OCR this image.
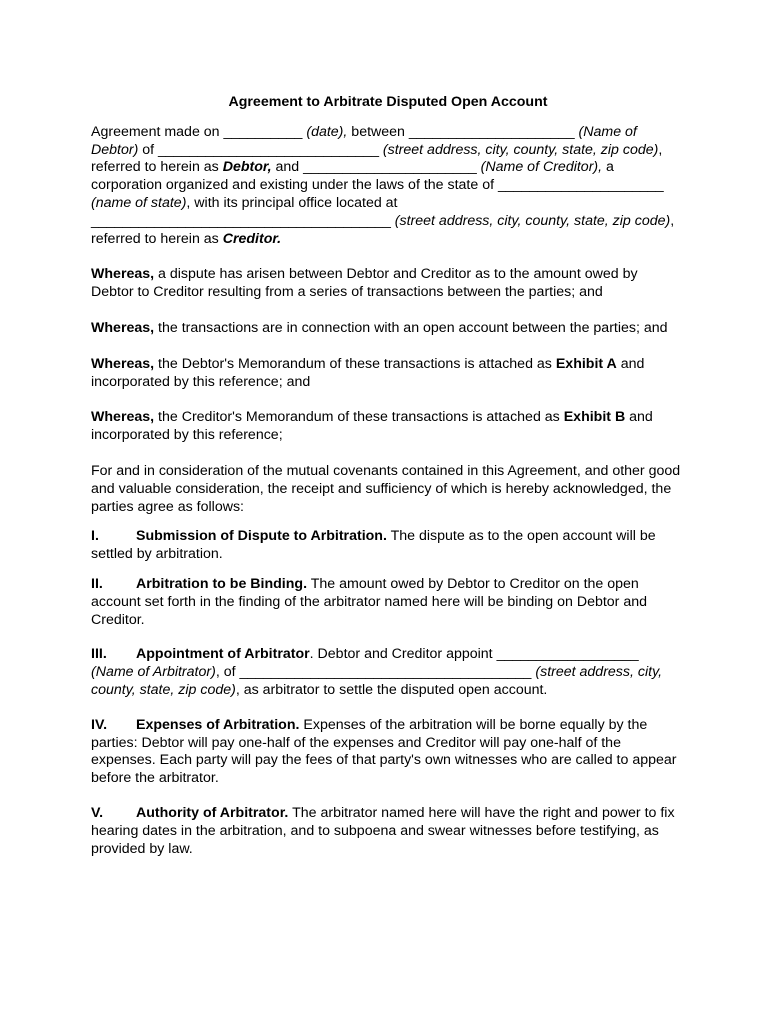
Agreement to Arbitrate Disputed Open Account

Agreement made on __________ (date), between _____________________ (Name of Debtor) of ____________________________ (street address, city, county, state, zip code), referred to herein as Debtor, and ______________________ (Name of Creditor), a corporation organized and existing under the laws of the state of _____________________ (name of state), with its principal office located at ______________________________________ (street address, city, county, state, zip code), referred to herein as Creditor.

Whereas, a dispute has arisen between Debtor and Creditor as to the amount owed by Debtor to Creditor resulting from a series of transactions between the parties; and

Whereas, the transactions are in connection with an open account between the parties; and

Whereas, the Debtor's Memorandum of these transactions is attached as Exhibit A and incorporated by this reference; and

Whereas, the Creditor's Memorandum of these transactions is attached as Exhibit B and incorporated by this reference;

For and in consideration of the mutual covenants contained in this Agreement, and other good and valuable consideration, the receipt and sufficiency of which is hereby acknowledged, the parties agree as follows:

I.	Submission of Dispute to Arbitration. The dispute as to the open account will be settled by arbitration.

II. Arbitration to be Binding. The amount owed by Debtor to Creditor on the open account set forth in the finding of the arbitrator named here will be binding on Debtor and Creditor.

III. Appointment of Arbitrator. Debtor and Creditor appoint __________________ (Name of Arbitrator), of _____________________________________ (street address, city, county, state, zip code), as arbitrator to settle the disputed open account.

IV. Expenses of Arbitration. Expenses of the arbitration will be borne equally by the parties: Debtor will pay one-half of the expenses and Creditor will pay one-half of the expenses. Each party will pay the fees of that party's own witnesses who are called to appear before the arbitrator.

V. Authority of Arbitrator. The arbitrator named here will have the right and power to fix hearing dates in the arbitration, and to subpoena and swear witnesses before testifying, as provided by law.
